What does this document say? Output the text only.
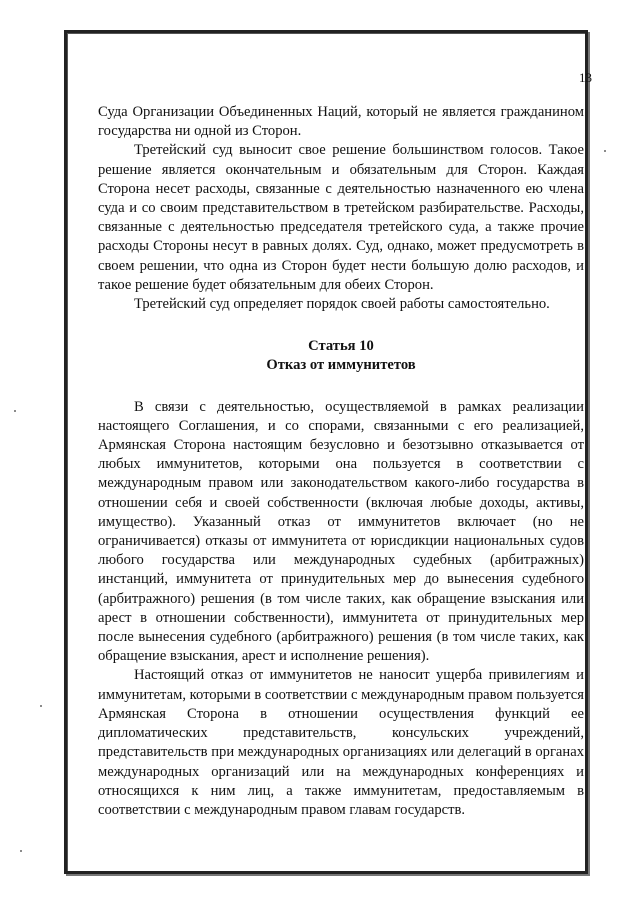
13

Суда Организации Объединенных Наций, который не является гражданином государства ни одной из Сторон.

Третейский суд выносит свое решение большинством голосов. Такое решение является окончательным и обязательным для Сторон. Каждая Сторона несет расходы, связанные с деятельностью назначенного ею члена суда и со своим представительством в третейском разбирательстве. Расходы, связанные с деятельностью председателя третейского суда, а также прочие расходы Стороны несут в равных долях. Суд, однако, может предусмотреть в своем решении, что одна из Сторон будет нести большую долю расходов, и такое решение будет обязательным для обеих Сторон.

Третейский суд определяет порядок своей работы самостоятельно.

Статья 10
Отказ от иммунитетов

В связи с деятельностью, осуществляемой в рамках реализации настоящего Соглашения, и со спорами, связанными с его реализацией, Армянская Сторона настоящим безусловно и безотзывно отказывается от любых иммунитетов, которыми она пользуется в соответствии с международным правом или законодательством какого-либо государства в отношении себя и своей собственности (включая любые доходы, активы, имущество). Указанный отказ от иммунитетов включает (но не ограничивается) отказы от иммунитета от юрисдикции национальных судов любого государства или международных судебных (арбитражных) инстанций, иммунитета от принудительных мер до вынесения судебного (арбитражного) решения (в том числе таких, как обращение взыскания или арест в отношении собственности), иммунитета от принудительных мер после вынесения судебного (арбитражного) решения (в том числе таких, как обращение взыскания, арест и исполнение решения).

Настоящий отказ от иммунитетов не наносит ущерба привилегиям и иммунитетам, которыми в соответствии с международным правом пользуется Армянская Сторона в отношении осуществления функций ее дипломатических представительств, консульских учреждений, представительств при международных организациях или делегаций в органах международных организаций или на международных конференциях и относящихся к ним лиц, а также иммунитетам, предоставляемым в соответствии с международным правом главам государств.
